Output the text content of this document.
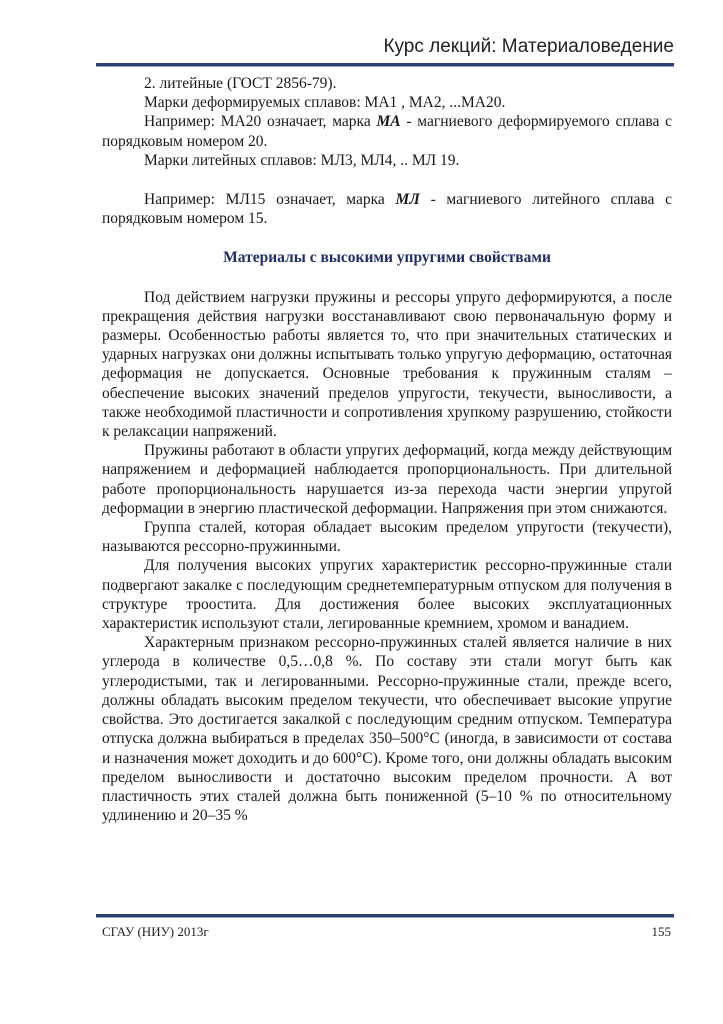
Курс лекций: Материаловедение

2. литейные (ГОСТ 2856-79).

Марки деформируемых сплавов: МА1 , МА2, ...МА20.

Например: МА20 означает, марка МА - магниевого деформируемого сплава с порядковым номером 20.

Марки литейных сплавов: МЛ3, МЛ4, .. МЛ 19.

Например: МЛ15 означает, марка МЛ - магниевого литейного сплава с порядковым номером 15.

Материалы с высокими упругими свойствами

Под действием нагрузки пружины и рессоры упруго деформируются, а после прекращения действия нагрузки восстанавливают свою первоначальную форму и размеры. Особенностью работы является то, что при значительных статических и ударных нагрузках они должны испытывать только упругую деформацию, остаточная деформация не допускается. Основные требования к пружинным сталям – обеспечение высоких значений пределов упругости, текучести, выносливости, а также необходимой пластичности и сопротивления хрупкому разрушению, стойкости к релаксации напряжений.

Пружины работают в области упругих деформаций, когда между действующим напряжением и деформацией наблюдается пропорциональность. При длительной работе пропорциональность нарушается из-за перехода части энергии упругой деформации в энергию пластической деформации. Напряжения при этом снижаются.

Группа сталей, которая обладает высоким пределом упругости (текучести), называются рессорно-пружинными.

Для получения высоких упругих характеристик рессорно-пружинные стали подвергают закалке с последующим среднетемпературным отпуском для получения в структуре троостита. Для достижения более высоких эксплуатационных характеристик используют стали, легированные кремнием, хромом и ванадием.

Характерным признаком рессорно-пружинных сталей является наличие в них углерода в количестве 0,5…0,8 %. По составу эти стали могут быть как углеродистыми, так и легированными. Рессорно-пружинные стали, прежде всего, должны обладать высоким пределом текучести, что обеспечивает высокие упругие свойства. Это достигается закалкой с последующим средним отпуском. Температура отпуска должна выбираться в пределах 350–500°С (иногда, в зависимости от состава и назначения может доходить и до 600°С). Кроме того, они должны обладать высоким пределом выносливости и достаточно высоким пределом прочности. А вот пластичность этих сталей должна быть пониженной (5–10 % по относительному удлинению и 20–35 %

СГАУ (НИУ) 2013г	155
